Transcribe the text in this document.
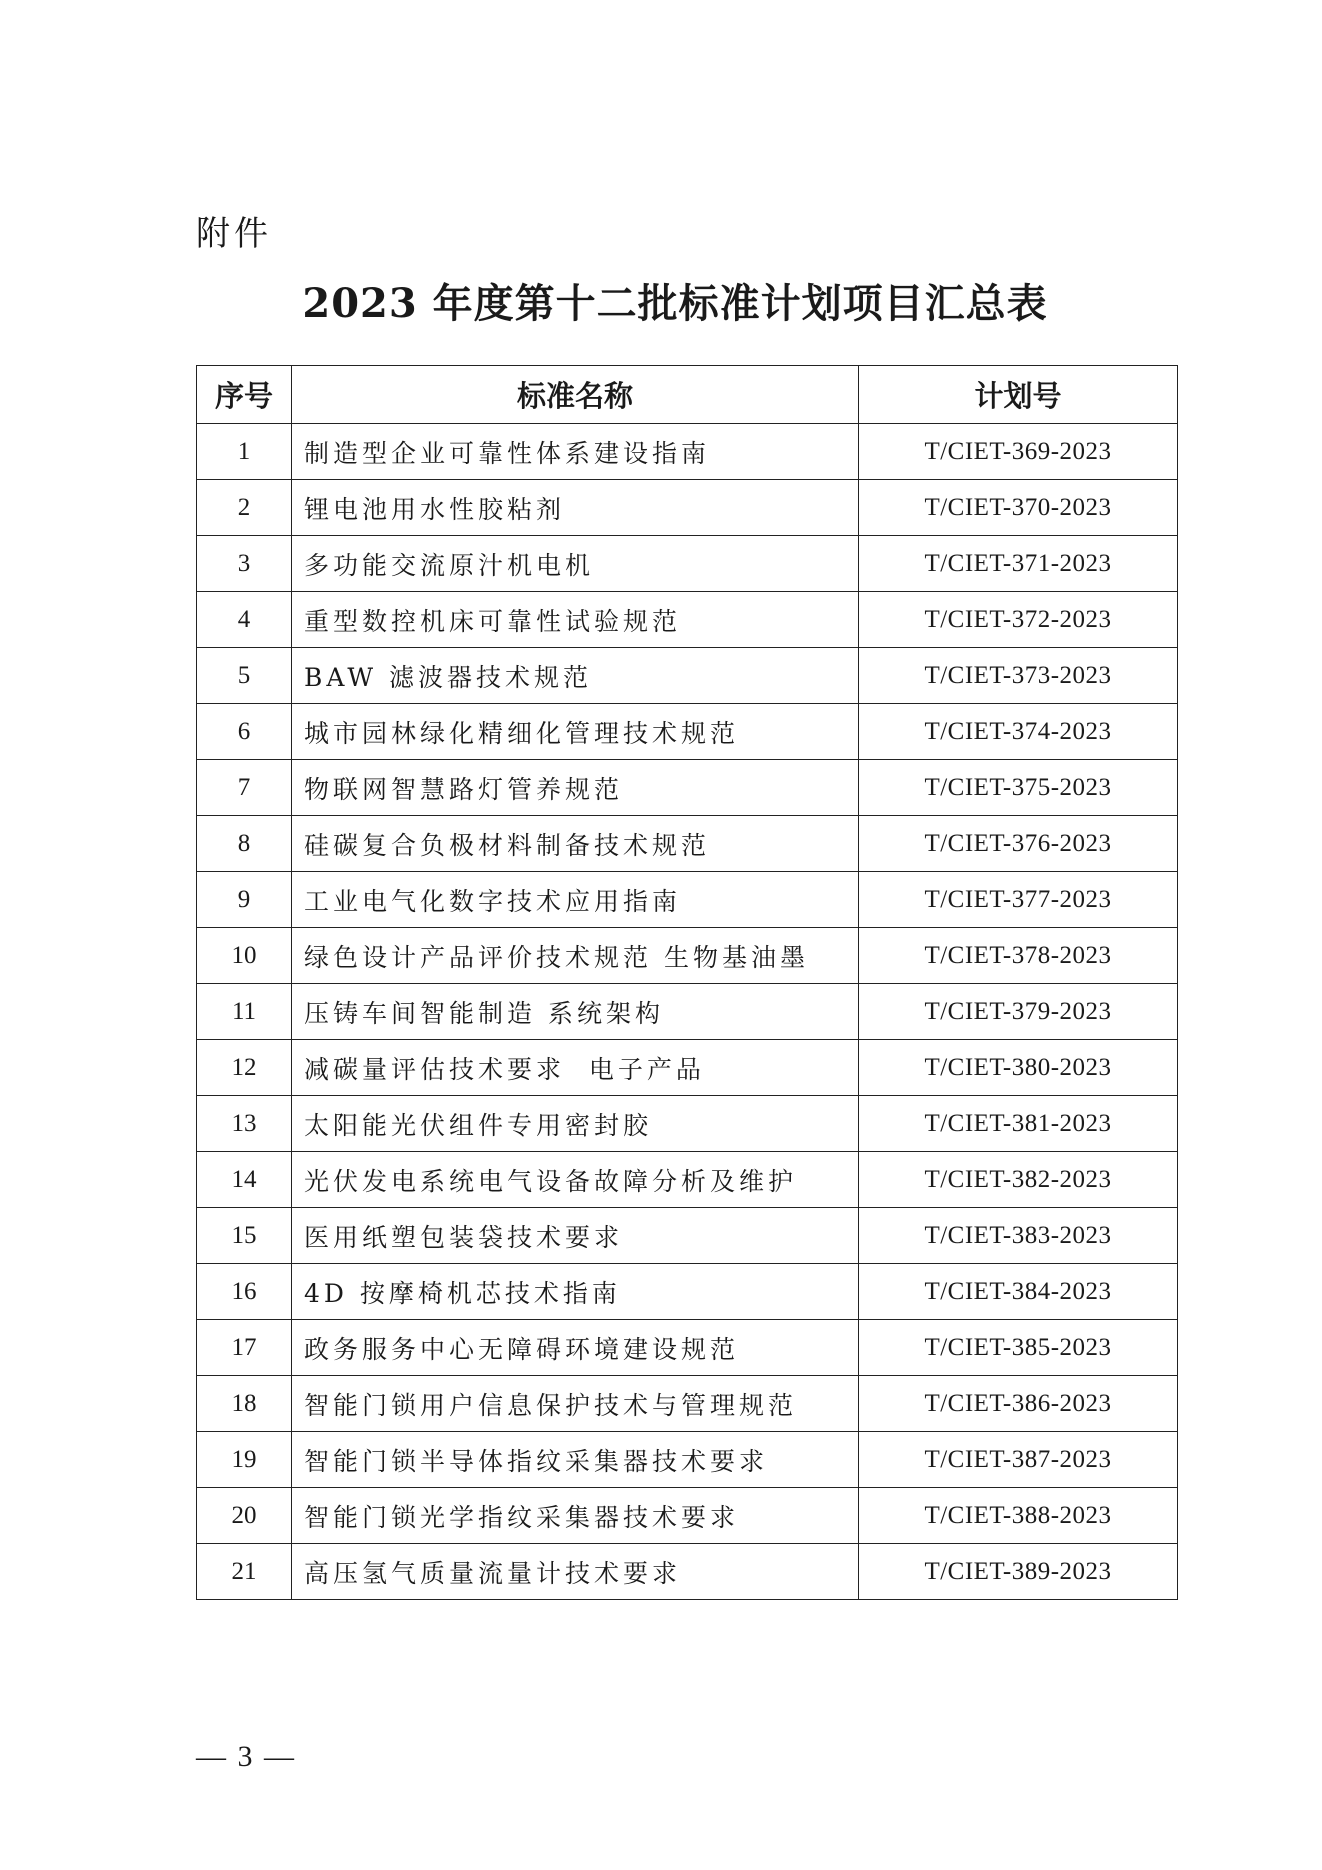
附件
2023 年度第十二批标准计划项目汇总表
序号	标准名称	计划号
1	制造型企业可靠性体系建设指南	T/CIET-369-2023
2	锂电池用水性胶粘剂	T/CIET-370-2023
3	多功能交流原汁机电机	T/CIET-371-2023
4	重型数控机床可靠性试验规范	T/CIET-372-2023
5	BAW 滤波器技术规范	T/CIET-373-2023
6	城市园林绿化精细化管理技术规范	T/CIET-374-2023
7	物联网智慧路灯管养规范	T/CIET-375-2023
8	硅碳复合负极材料制备技术规范	T/CIET-376-2023
9	工业电气化数字技术应用指南	T/CIET-377-2023
10	绿色设计产品评价技术规范 生物基油墨	T/CIET-378-2023
11	压铸车间智能制造 系统架构	T/CIET-379-2023
12	减碳量评估技术要求  电子产品	T/CIET-380-2023
13	太阳能光伏组件专用密封胶	T/CIET-381-2023
14	光伏发电系统电气设备故障分析及维护	T/CIET-382-2023
15	医用纸塑包装袋技术要求	T/CIET-383-2023
16	4D 按摩椅机芯技术指南	T/CIET-384-2023
17	政务服务中心无障碍环境建设规范	T/CIET-385-2023
18	智能门锁用户信息保护技术与管理规范	T/CIET-386-2023
19	智能门锁半导体指纹采集器技术要求	T/CIET-387-2023
20	智能门锁光学指纹采集器技术要求	T/CIET-388-2023
21	高压氢气质量流量计技术要求	T/CIET-389-2023
— 3 —
